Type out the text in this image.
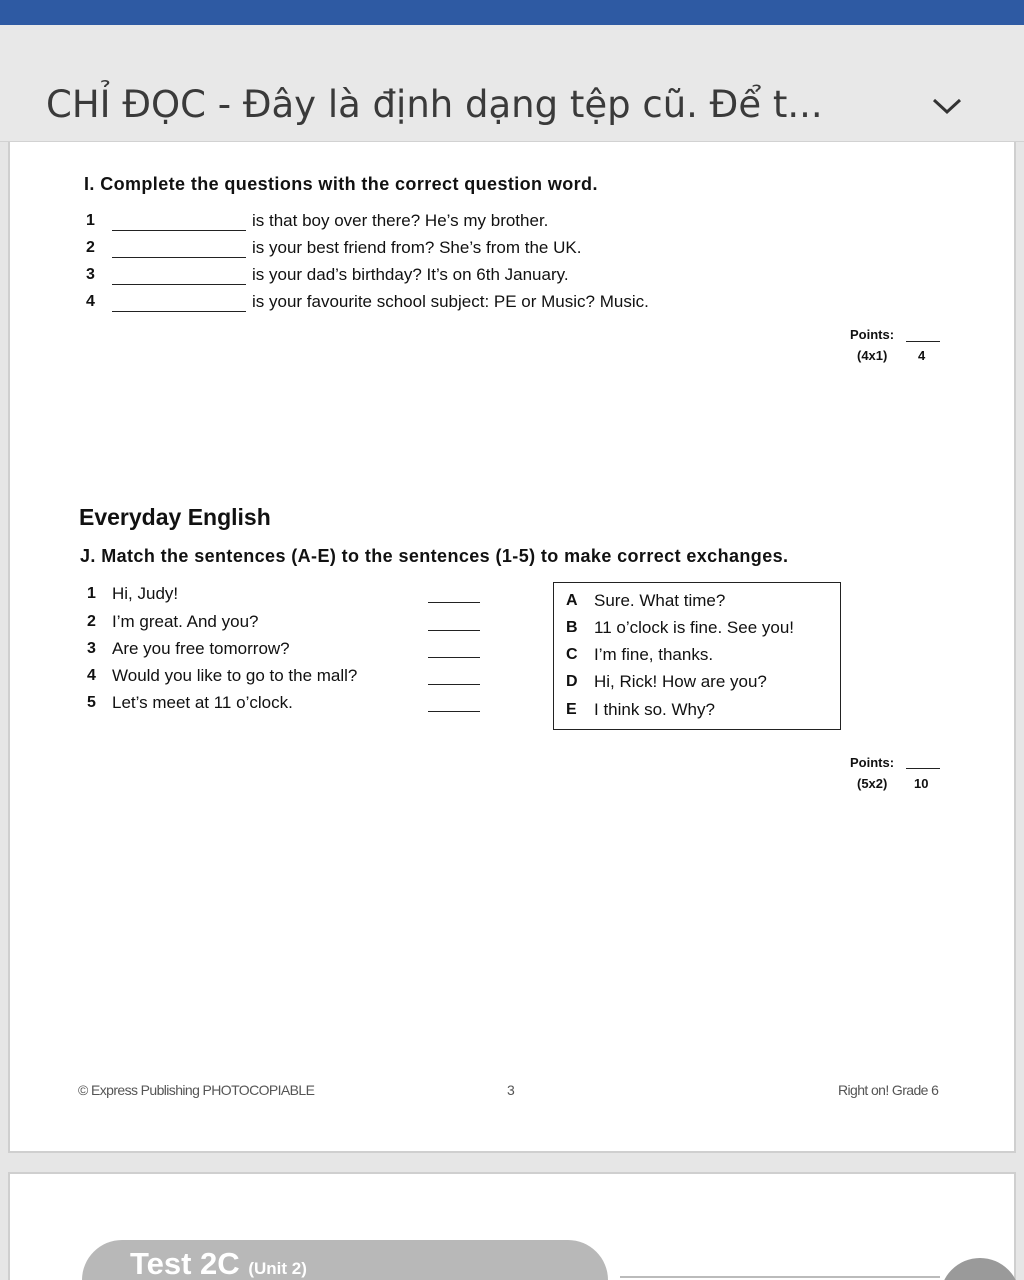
CHỈ ĐỌC - Đây là định dạng tệp cũ. Để t...
I. Complete the questions with the correct question word.
1	is that boy over there? He’s my brother.
2	is your best friend from? She’s from the UK.
3	is your dad’s birthday? It’s on 6th January.
4	is your favourite school subject: PE or Music? Music.
Points:
(4x1) 4
Everyday English
J. Match the sentences (A-E) to the sentences (1-5) to make correct exchanges.
1 Hi, Judy!
2 I’m great. And you?
3 Are you free tomorrow?
4 Would you like to go to the mall?
5 Let’s meet at 11 o’clock.
A Sure. What time?
B 11 o’clock is fine. See you!
C I’m fine, thanks.
D Hi, Rick! How are you?
E I think so. Why?
Points:
(5x2) 10
© Express Publishing PHOTOCOPIABLE	3	Right on! Grade 6
Test 2C (Unit 2)
